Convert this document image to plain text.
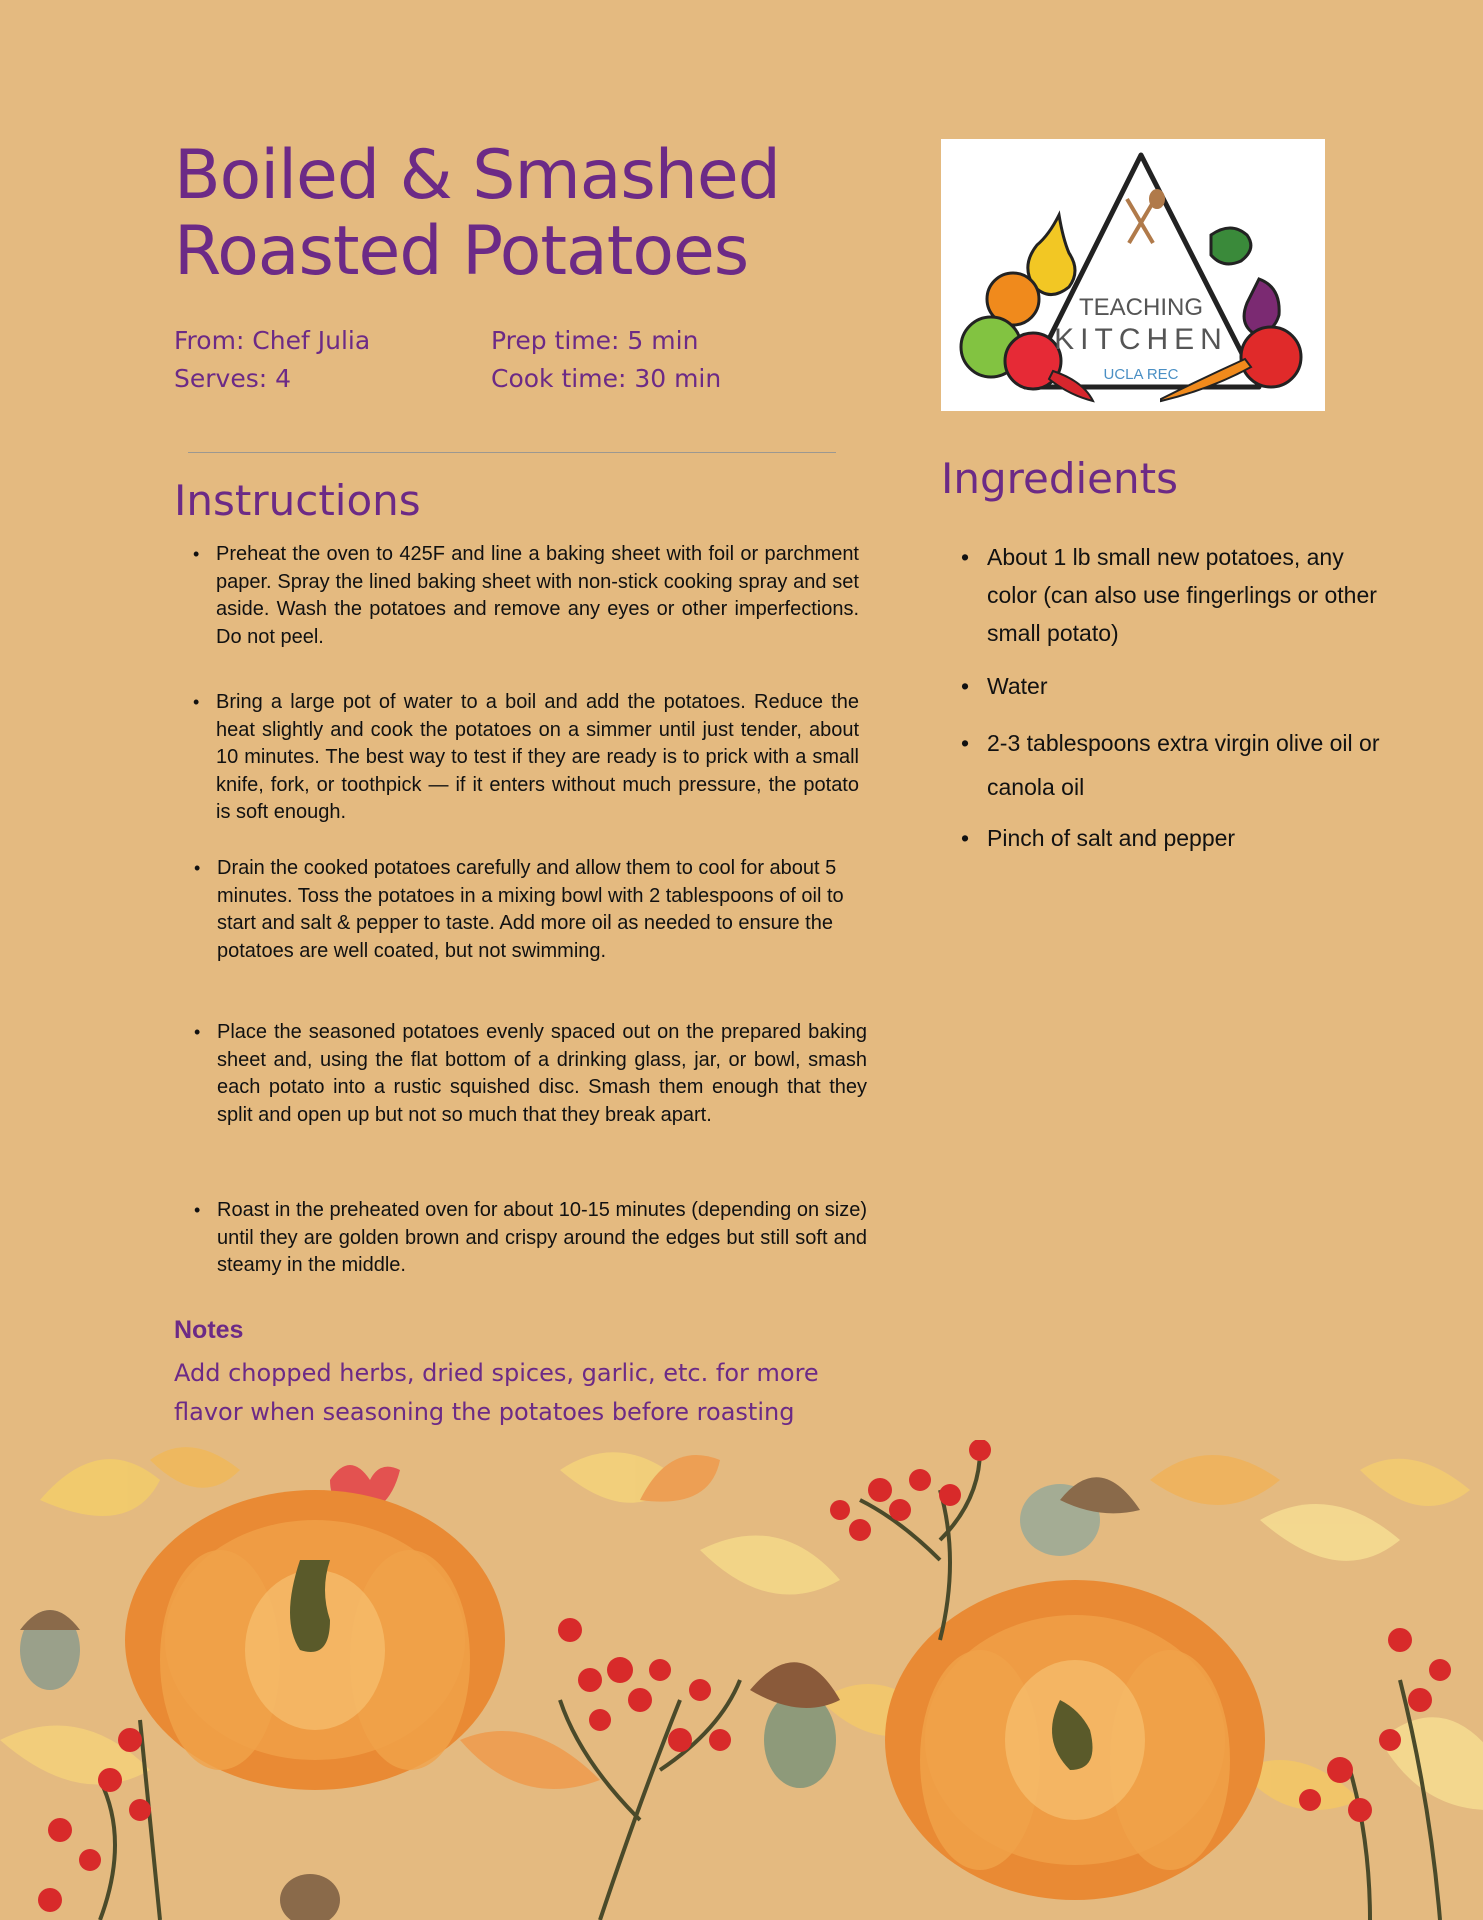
Boiled & Smashed
Roasted Potatoes
From: Chef Julia
Serves: 4
Prep time: 5 min
Cook time: 30 min
TEACHING
KITCHEN
UCLA REC
Instructions
• Preheat the oven to 425F and line a baking sheet with foil or parchment paper. Spray the lined baking sheet with non-stick cooking spray and set aside. Wash the potatoes and remove any eyes or other imperfections. Do not peel.
• Bring a large pot of water to a boil and add the potatoes. Reduce the heat slightly and cook the potatoes on a simmer until just tender, about 10 minutes. The best way to test if they are ready is to prick with a small knife, fork, or toothpick — if it enters without much pressure, the potato is soft enough.
• Drain the cooked potatoes carefully and allow them to cool for about 5 minutes. Toss the potatoes in a mixing bowl with 2 tablespoons of oil to start and salt & pepper to taste. Add more oil as needed to ensure the potatoes are well coated, but not swimming.
• Place the seasoned potatoes evenly spaced out on the prepared baking sheet and, using the flat bottom of a drinking glass, jar, or bowl, smash each potato into a rustic squished disc. Smash them enough that they split and open up but not so much that they break apart.
• Roast in the preheated oven for about 10-15 minutes (depending on size) until they are golden brown and crispy around the edges but still soft and steamy in the middle.
Ingredients
• About 1 lb small new potatoes, any color (can also use fingerlings or other small potato)
• Water
• 2-3 tablespoons extra virgin olive oil or canola oil
• Pinch of salt and pepper
Notes
Add chopped herbs, dried spices, garlic, etc. for more flavor when seasoning the potatoes before roasting
